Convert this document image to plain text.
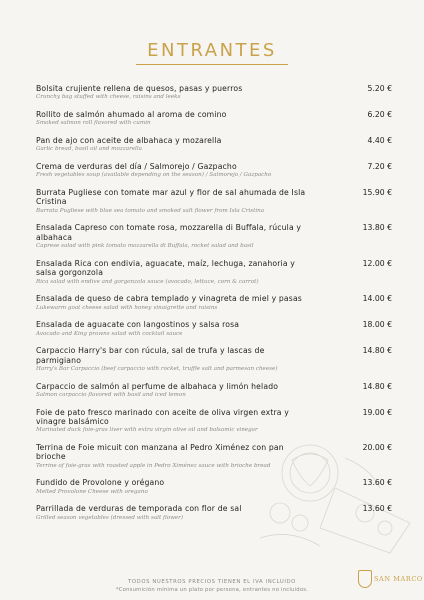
ENTRANTES
Bolsita crujiente rellena de quesos, pasas y puerros
Crunchy bag stuffed with cheese, raisins and leeks
5.20 €
Rollito de salmón ahumado al aroma de comino
Smoked salmon roll flavored with cumin
6.20 €
Pan de ajo con aceite de albahaca y mozarella
Garlic bread, basil oil and mozzarella
4.40 €
Crema de verduras del día / Salmorejo / Gazpacho
Fresh vegetables soup (available depending on the season) / Salmorejo / Gazpacho
7.20 €
Burrata Pugliese con tomate mar azul y flor de sal ahumada de Isla Cristina
Burrata Pugliese with blue sea tomato and smoked salt flower from Isla Cristina
15.90 €
Ensalada Capreso con tomate rosa, mozzarella di Buffala, rúcula y albahaca
Caprese salad with pink tomato mozzarella di Buffala, rocket salad and basil
13.80 €
Ensalada Rica con endivia, aguacate, maíz, lechuga, zanahoria y salsa gorgonzola
Rica salad with endive and gorgonzola sauce (avocado, lettuce, corn & carrot)
12.00 €
Ensalada de queso de cabra templado y vinagreta de miel y pasas
Lukewarm goat cheese salad with honey vinaigrette and raisins
14.00 €
Ensalada de aguacate con langostinos y salsa rosa
Avocado and King prawns salad with cocktail sauce
18.00 €
Carpaccio Harry's bar con rúcula, sal de trufa y lascas de parmigiano
Harry's Bar Carpaccio (beef carpaccio with rocket, truffle salt and parmesan cheese)
14.80 €
Carpaccio de salmón al perfume de albahaca y limón helado
Salmon carpaccio flavored with basil and iced lemon
14.80 €
Foie de pato fresco marinado con aceite de oliva virgen extra y vinagre balsámico
Marinated duck foie-gras liver with extra virgin olive oil and balsamic vinegar
19.00 €
Terrina de Foie micuit con manzana al Pedro Ximénez con pan brioche
Terrine of foie-gras with roasted apple in Pedro Ximénez sauce with brioche bread
20.00 €
Fundido de Provolone y orégano
Melted Provolone Cheese with oregano
13.60 €
Parrillada de verduras de temporada con flor de sal
Grilled season vegetables (dressed with salt flower)
13.60 €
TODOS NUESTROS PRECIOS TIENEN EL IVA INCLUIDO
*Consumición mínima un plato por persona, entrantes no incluidos.
SAN MARCO
